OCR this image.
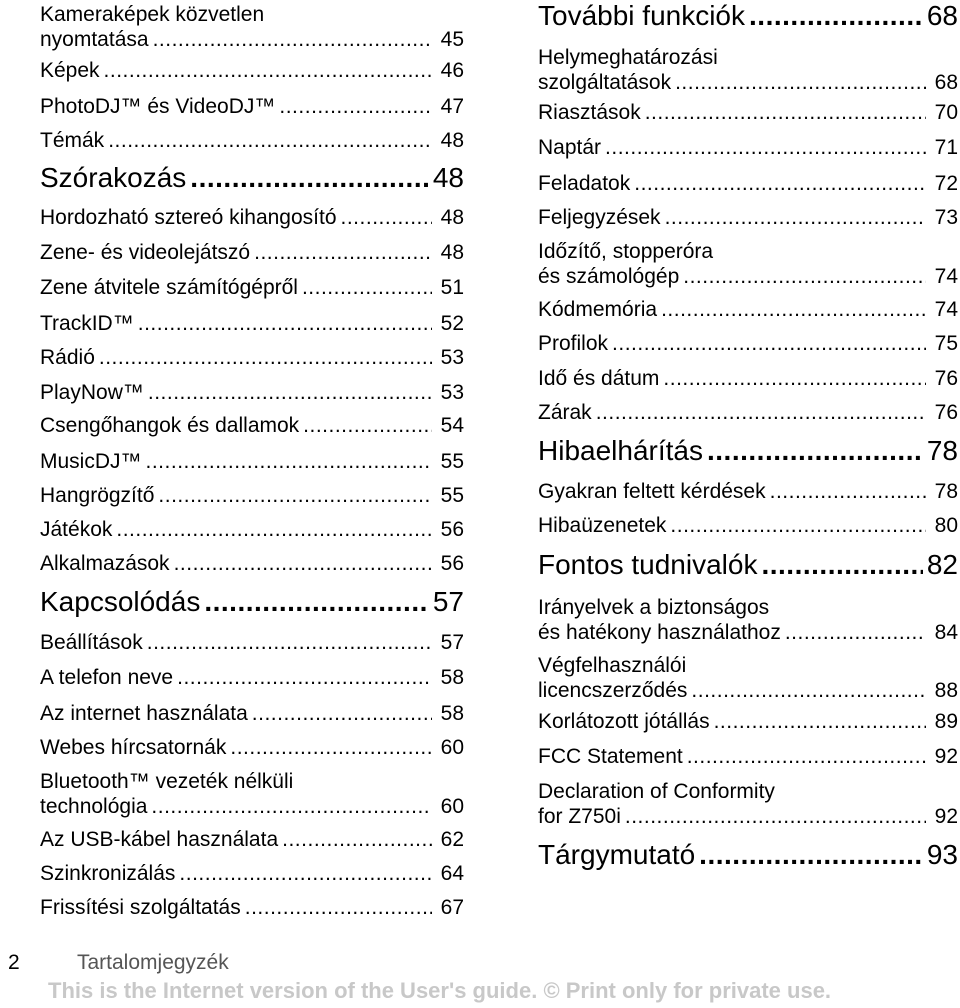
Kameraképek közvetlen
nyomtatása .....	45
Képek .....	46
PhotoDJ™ és VideoDJ™ .....	47
Témák .....	48
Szórakozás .....	48
Hordozható sztereó kihangosító .....	48
Zene- és videolejátszó .....	48
Zene átvitele számítógépről .....	51
TrackID™ .....	52
Rádió .....	53
PlayNow™ .....	53
Csengőhangok és dallamok .....	54
MusicDJ™ .....	55
Hangrögzítő .....	55
Játékok .....	56
Alkalmazások .....	56
Kapcsolódás .....	57
Beállítások .....	57
A telefon neve .....	58
Az internet használata .....	58
Webes hírcsatornák .....	60
Bluetooth™ vezeték nélküli
technológia .....	60
Az USB-kábel használata .....	62
Szinkronizálás .....	64
Frissítési szolgáltatás .....	67
További funkciók .....	68
Helymeghatározási
szolgáltatások .....	68
Riasztások .....	70
Naptár .....	71
Feladatok .....	72
Feljegyzések .....	73
Időzítő, stopperóra
és számológép .....	74
Kódmemória .....	74
Profilok .....	75
Idő és dátum .....	76
Zárak .....	76
Hibaelhárítás .....	78
Gyakran feltett kérdések .....	78
Hibaüzenetek .....	80
Fontos tudnivalók .....	82
Irányelvek a biztonságos
és hatékony használathoz .....	84
Végfelhasználói
licencszerződés .....	88
Korlátozott jótállás .....	89
FCC Statement .....	92
Declaration of Conformity
for Z750i .....	92
Tárgymutató .....	93
2	Tartalomjegyzék
This is the Internet version of the User's guide. © Print only for private use.
